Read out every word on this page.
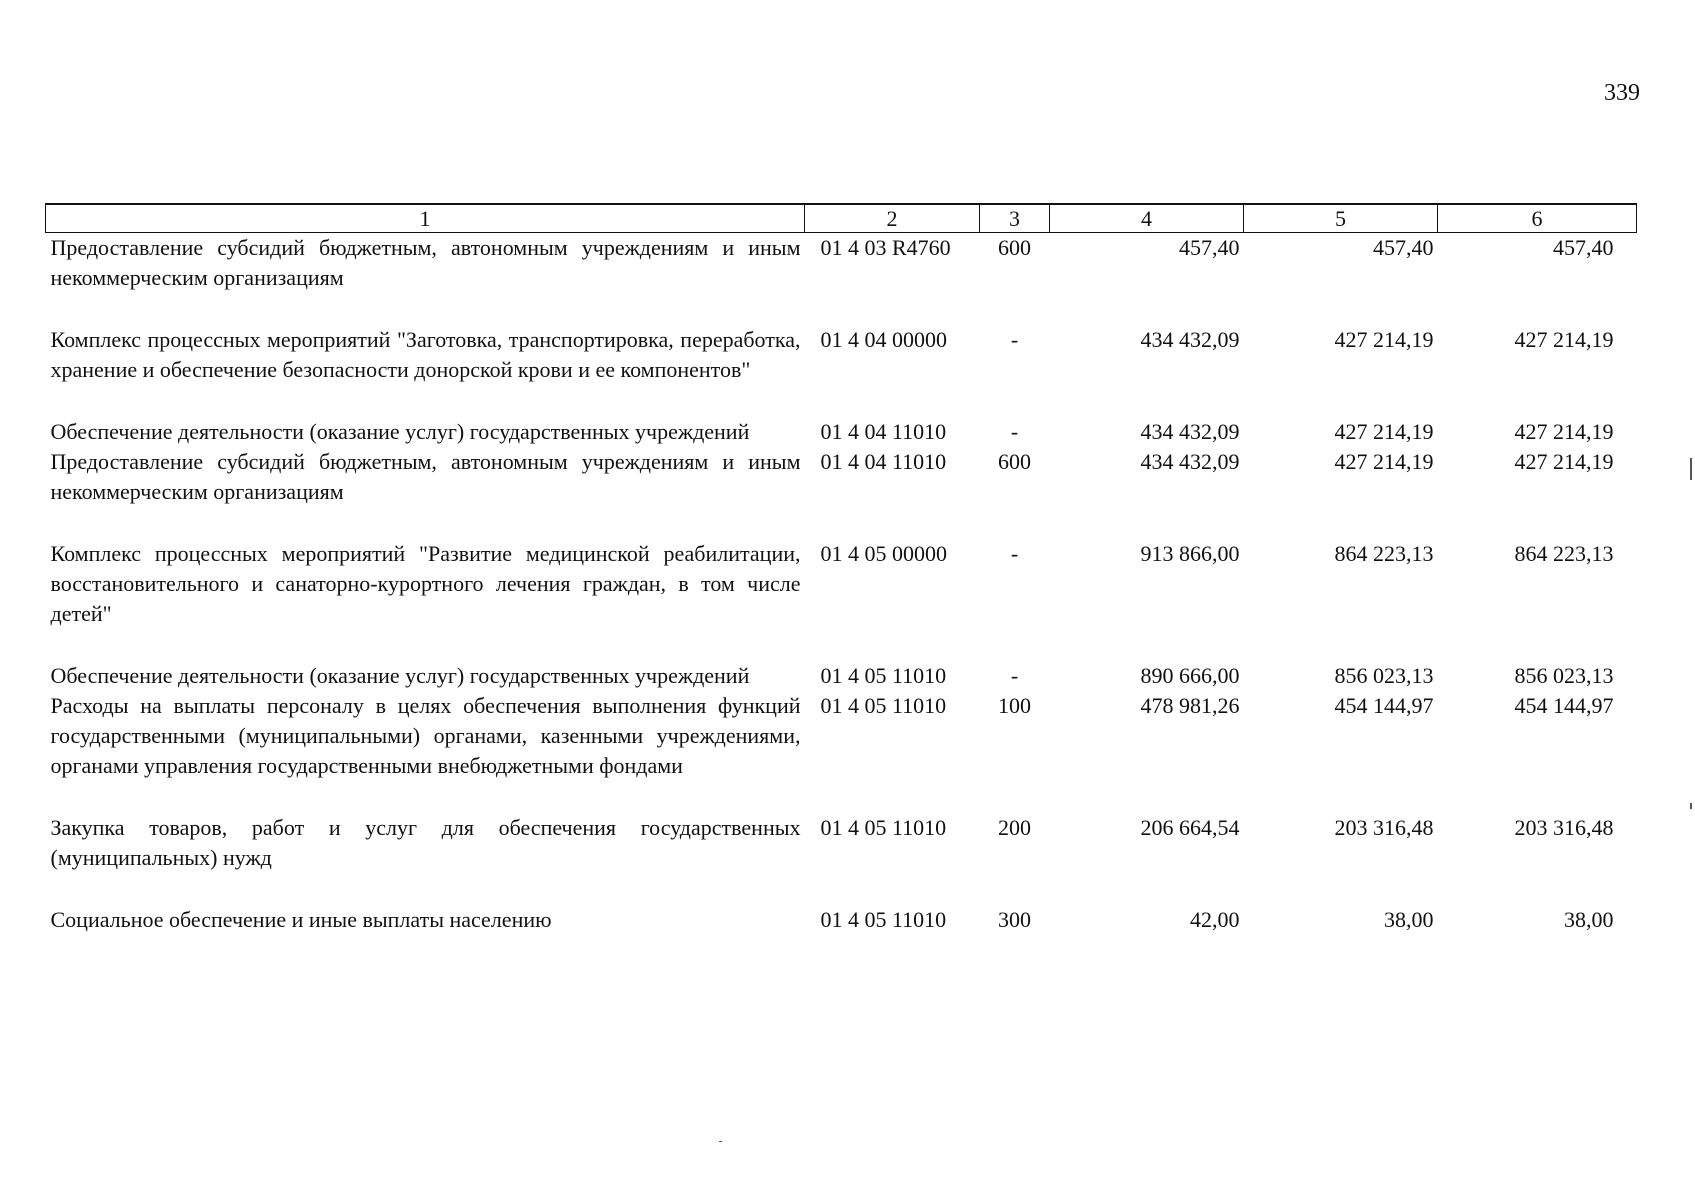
339
1	2	3	4	5	6
Предоставление субсидий бюджетным, автономным учреждениям и иным некоммерческим организациям	01 4 03 R4760	600	457,40	457,40	457,40
Комплекс процессных мероприятий "Заготовка, транспортировка, переработка, хранение и обеспечение безопасности донорской крови и ее компонентов"	01 4 04 00000	-	434 432,09	427 214,19	427 214,19
Обеспечение деятельности (оказание услуг) государственных учреждений	01 4 04 11010	-	434 432,09	427 214,19	427 214,19
Предоставление субсидий бюджетным, автономным учреждениям и иным некоммерческим организациям	01 4 04 11010	600	434 432,09	427 214,19	427 214,19
Комплекс процессных мероприятий "Развитие медицинской реабилитации, восстановительного и санаторно-курортного лечения граждан, в том числе детей"	01 4 05 00000	-	913 866,00	864 223,13	864 223,13
Обеспечение деятельности (оказание услуг) государственных учреждений	01 4 05 11010	-	890 666,00	856 023,13	856 023,13
Расходы на выплаты персоналу в целях обеспечения выполнения функций государственными (муниципальными) органами, казенными учреждениями, органами управления государственными внебюджетными фондами	01 4 05 11010	100	478 981,26	454 144,97	454 144,97
Закупка товаров, работ и услуг для обеспечения государственных (муниципальных) нужд	01 4 05 11010	200	206 664,54	203 316,48	203 316,48
Социальное обеспечение и иные выплаты населению	01 4 05 11010	300	42,00	38,00	38,00
